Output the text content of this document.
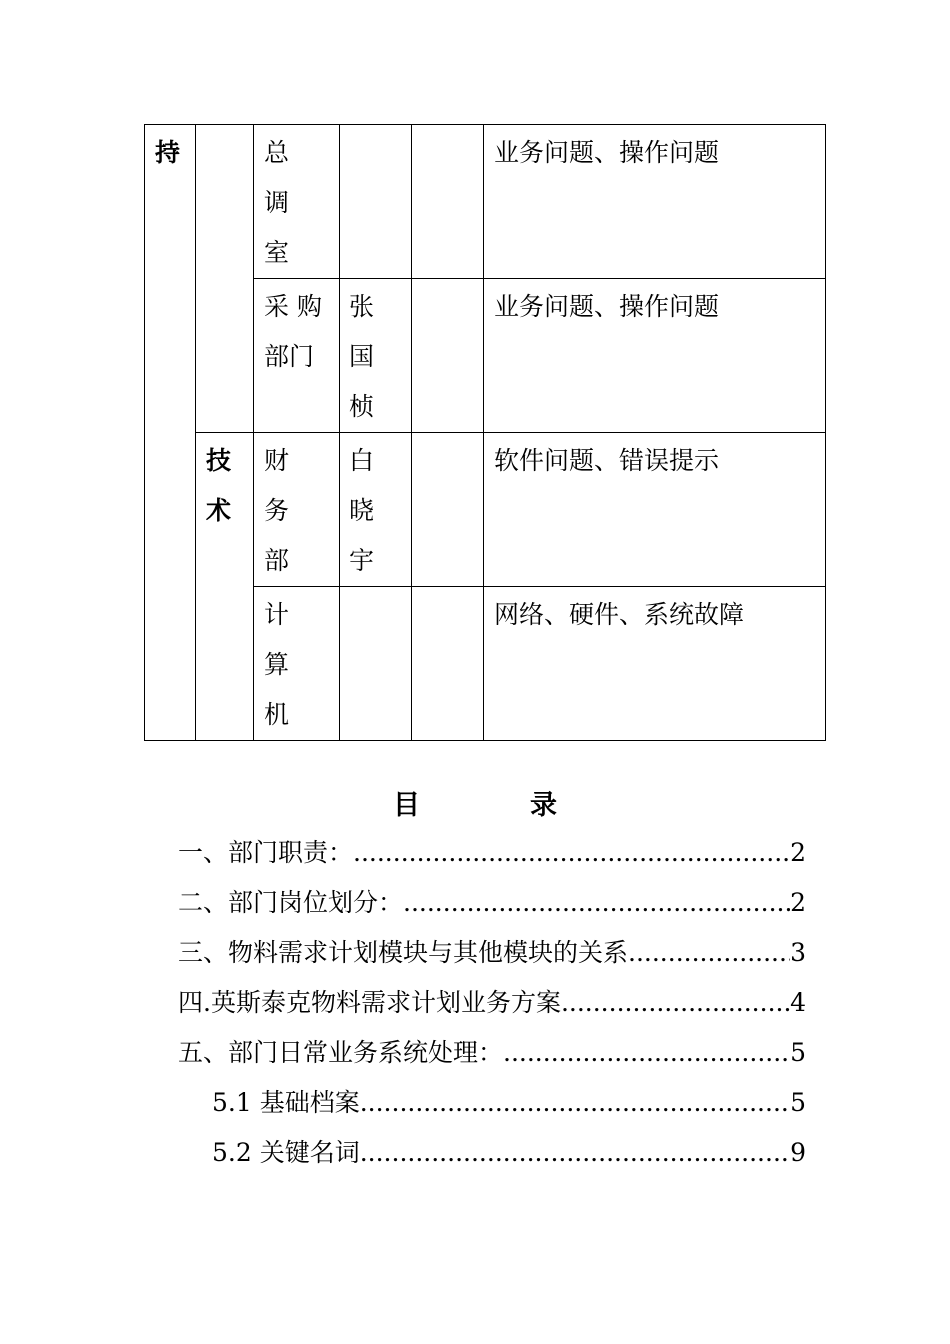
持		总调室			业务问题、操作问题

		采 购部门	张国桢		业务问题、操作问题

	技术	财务部	白晓宇		软件问题、错误提示

		计算机			网络、硬件、系统故障
目	录
一、部门职责： .....	2
二、部门岗位划分： .....	2
三、物料需求计划模块与其他模块的关系 .....	3
四.英斯泰克物料需求计划业务方案 .....	4
五、部门日常业务系统处理： .....	5
5.1 基础档案 .....	5
5.2 关键名词 .....	9
